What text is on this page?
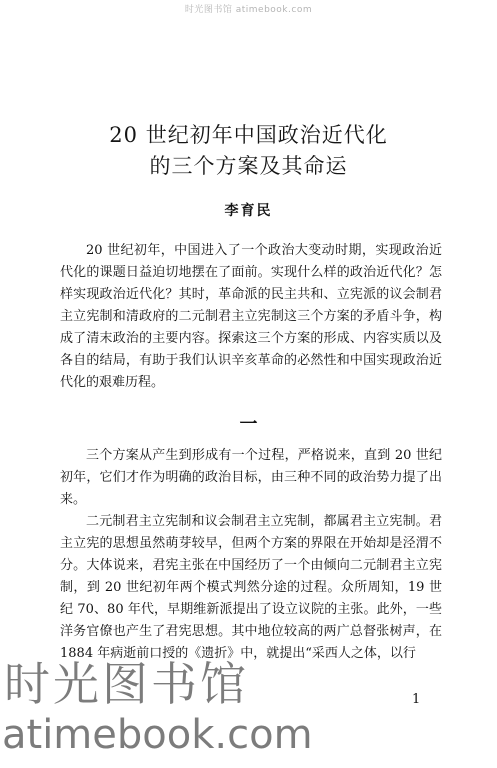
时光图书馆 atimebook.com
20 世纪初年中国政治近代化
的三个方案及其命运
李育民

20 世纪初年，中国进入了一个政治大变动时期，实现政治近代化的课题日益迫切地摆在了面前。实现什么样的政治近代化？怎样实现政治近代化？其时，革命派的民主共和、立宪派的议会制君主立宪制和清政府的二元制君主立宪制这三个方案的矛盾斗争，构成了清末政治的主要内容。探索这三个方案的形成、内容实质以及各自的结局，有助于我们认识辛亥革命的必然性和中国实现政治近代化的艰难历程。

一

三个方案从产生到形成有一个过程，严格说来，直到 20 世纪初年，它们才作为明确的政治目标，由三种不同的政治势力提了出来。

二元制君主立宪制和议会制君主立宪制，都属君主立宪制。君主立宪的思想虽然萌芽较早，但两个方案的界限在开始却是泾渭不分。大体说来，君宪主张在中国经历了一个由倾向二元制君主立宪制，到 20 世纪初年两个模式判然分途的过程。众所周知，19 世纪 70、80 年代，早期维新派提出了设立议院的主张。此外，一些洋务官僚也产生了君宪思想。其中地位较高的两广总督张树声，在 1884 年病逝前口授的《遗折》中，就提出“采西人之体，以行

1
时光图书馆
atimebook.com
